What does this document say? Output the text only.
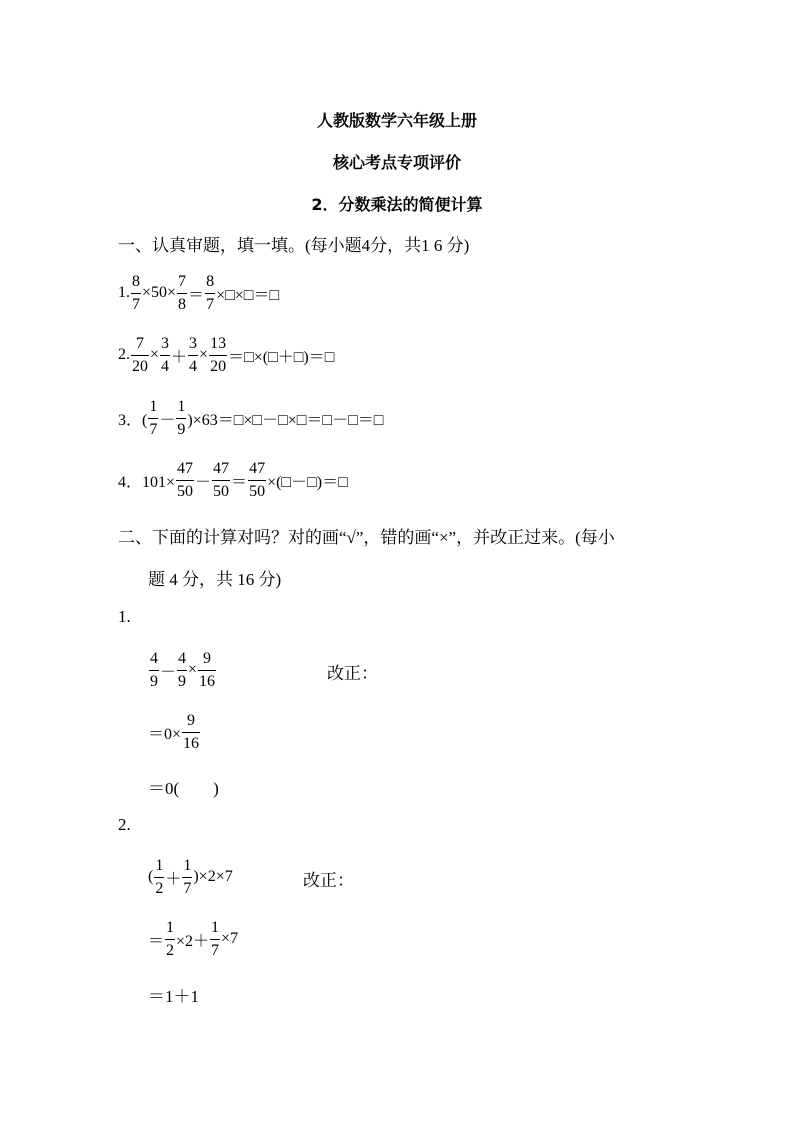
人教版数学六年级上册
核心考点专项评价
2．分数乘法的简便计算
一、认真审题，填一填。(每小题4分，共1 6 分)
1. $\frac{8}{7} \times 50\times \frac{7}{8} = \frac{8}{7}$ ×□×□＝□
2. $\frac{7}{20} \times \frac{3}{4} + \frac{3}{4} \times \frac{13}{20}$ ＝□×(□＋□)＝□
3．(
1
7
－
1
9
)×63＝□×□－□×□＝□－□＝□
4．$101\times \frac{47}{50}$ －
47
50
＝ $\frac{47}{50}$ ×(□－□)＝□
二、下面的计算对吗？对的画“√”，错的画“×”，并改正过来。(每小
题 4 分，共 16 分)
1.
4
9
－ $\frac{4}{9} \times \frac{9}{16}$	改正：
$=0\times \frac{9}{16}$
＝0(　　)
2.
(
1
2
＋
1
7
)×2×7	改正：
＝ $\frac{1}{2} \times 2+ \frac{1}{7} \times 7$
＝1＋1
